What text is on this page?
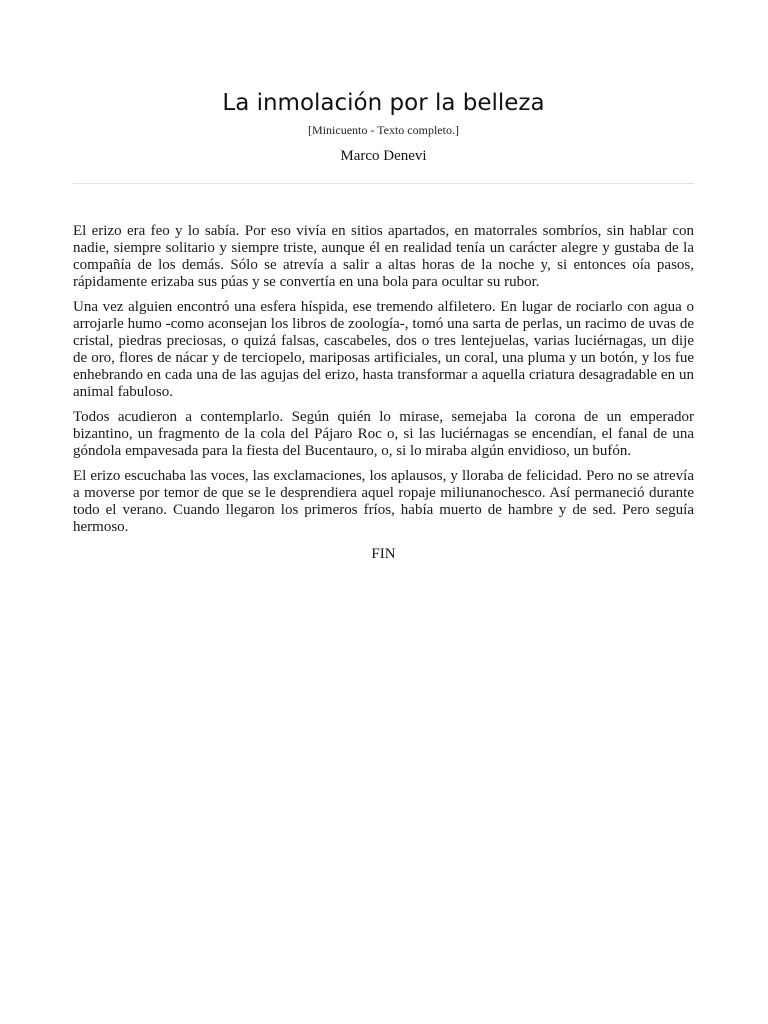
La inmolación por la belleza
[Minicuento - Texto completo.]
Marco Denevi

El erizo era feo y lo sabía. Por eso vivía en sitios apartados, en matorrales sombríos, sin hablar con nadie, siempre solitario y siempre triste, aunque él en realidad tenía un carácter alegre y gustaba de la compañía de los demás. Sólo se atrevía a salir a altas horas de la noche y, si entonces oía pasos, rápidamente erizaba sus púas y se convertía en una bola para ocultar su rubor.

Una vez alguien encontró una esfera híspida, ese tremendo alfiletero. En lugar de rociarlo con agua o arrojarle humo -como aconsejan los libros de zoología-, tomó una sarta de perlas, un racimo de uvas de cristal, piedras preciosas, o quizá falsas, cascabeles, dos o tres lentejuelas, varias luciérnagas, un dije de oro, flores de nácar y de terciopelo, mariposas artificiales, un coral, una pluma y un botón, y los fue enhebrando en cada una de las agujas del erizo, hasta transformar a aquella criatura desagradable en un animal fabuloso.

Todos acudieron a contemplarlo. Según quién lo mirase, semejaba la corona de un emperador bizantino, un fragmento de la cola del Pájaro Roc o, si las luciérnagas se encendían, el fanal de una góndola empavesada para la fiesta del Bucentauro, o, si lo miraba algún envidioso, un bufón.

El erizo escuchaba las voces, las exclamaciones, los aplausos, y lloraba de felicidad. Pero no se atrevía a moverse por temor de que se le desprendiera aquel ropaje miliunanochesco. Así permaneció durante todo el verano. Cuando llegaron los primeros fríos, había muerto de hambre y de sed. Pero seguía hermoso.

FIN
